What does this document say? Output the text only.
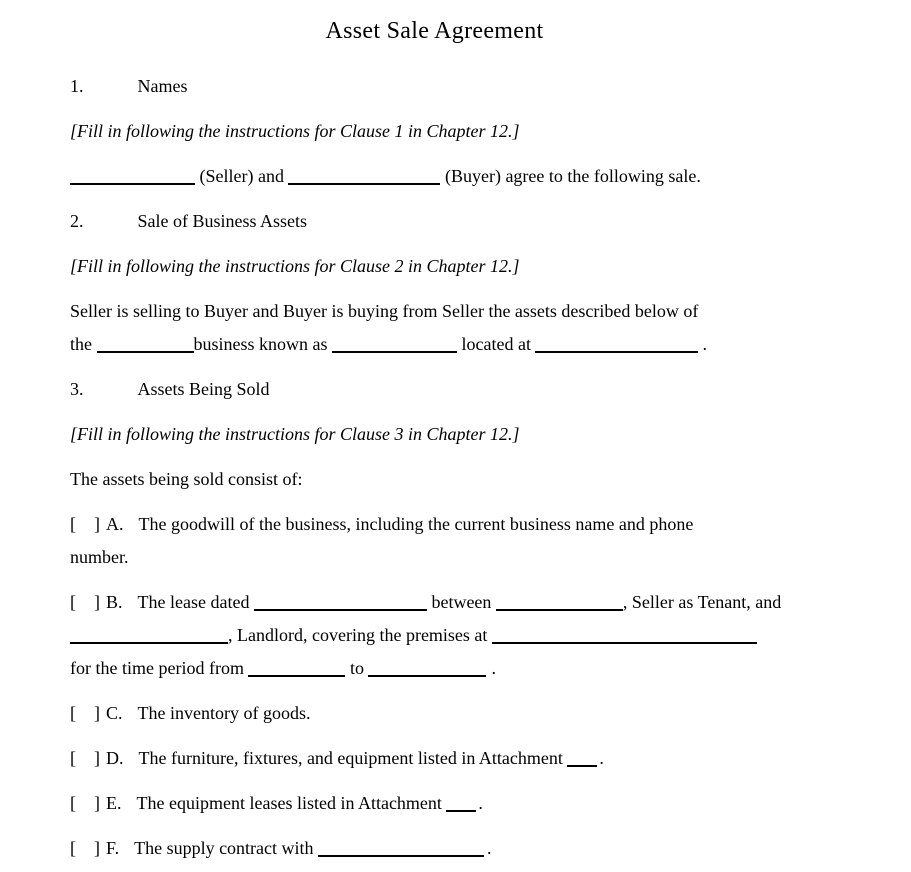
Asset Sale Agreement

1.	Names

[Fill in following the instructions for Clause 1 in Chapter 12.]

(Seller) and	(Buyer) agree to the following sale.

2.	Sale of Business Assets

[Fill in following the instructions for Clause 2 in Chapter 12.]

Seller is selling to Buyer and Buyer is buying from Seller the assets described below of
the	business known as	located at	.

3.	Assets Being Sold

[Fill in following the instructions for Clause 3 in Chapter 12.]

The assets being sold consist of:

[    ] A. The goodwill of the business, including the current business name and phone
number.

[    ] B. The lease dated	between	, Seller as Tenant, and
, Landlord, covering the premises at
for the time period from	to	.

[    ] C. The inventory of goods.

[    ] D. The furniture, fixtures, and equipment listed in Attachment .

[    ] E. The equipment leases listed in Attachment .

[    ] F. The supply contract with	.
